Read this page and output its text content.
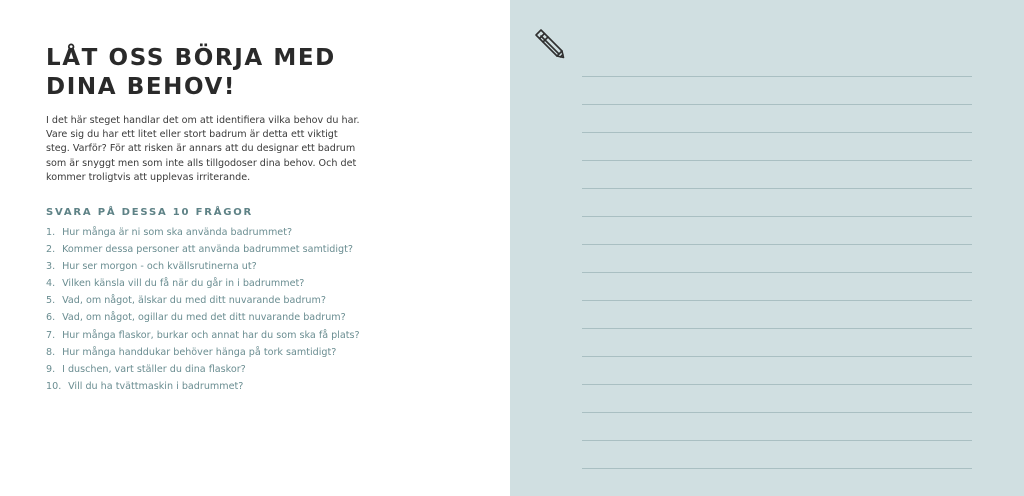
LÅT OSS BÖRJA MED DINA BEHOV!

I det här steget handlar det om att identifiera vilka behov du har. Vare sig du har ett litet eller stort badrum är detta ett viktigt steg. Varför? För att risken är annars att du designar ett badrum som är snyggt men som inte alls tillgodoser dina behov. Och det kommer troligtvis att upplevas irriterande.

SVARA PÅ DESSA 10 FRÅGOR
1. Hur många är ni som ska använda badrummet?
2. Kommer dessa personer att använda badrummet samtidigt?
3. Hur ser morgon - och kvällsrutinerna ut?
4. Vilken känsla vill du få när du går in i badrummet?
5. Vad, om något, älskar du med ditt nuvarande badrum?
6. Vad, om något, ogillar du med det ditt nuvarande badrum?
7. Hur många flaskor, burkar och annat har du som ska få plats?
8. Hur många handdukar behöver hänga på tork samtidigt?
9. I duschen, vart ställer du dina flaskor?
10. Vill du ha tvättmaskin i badrummet?
